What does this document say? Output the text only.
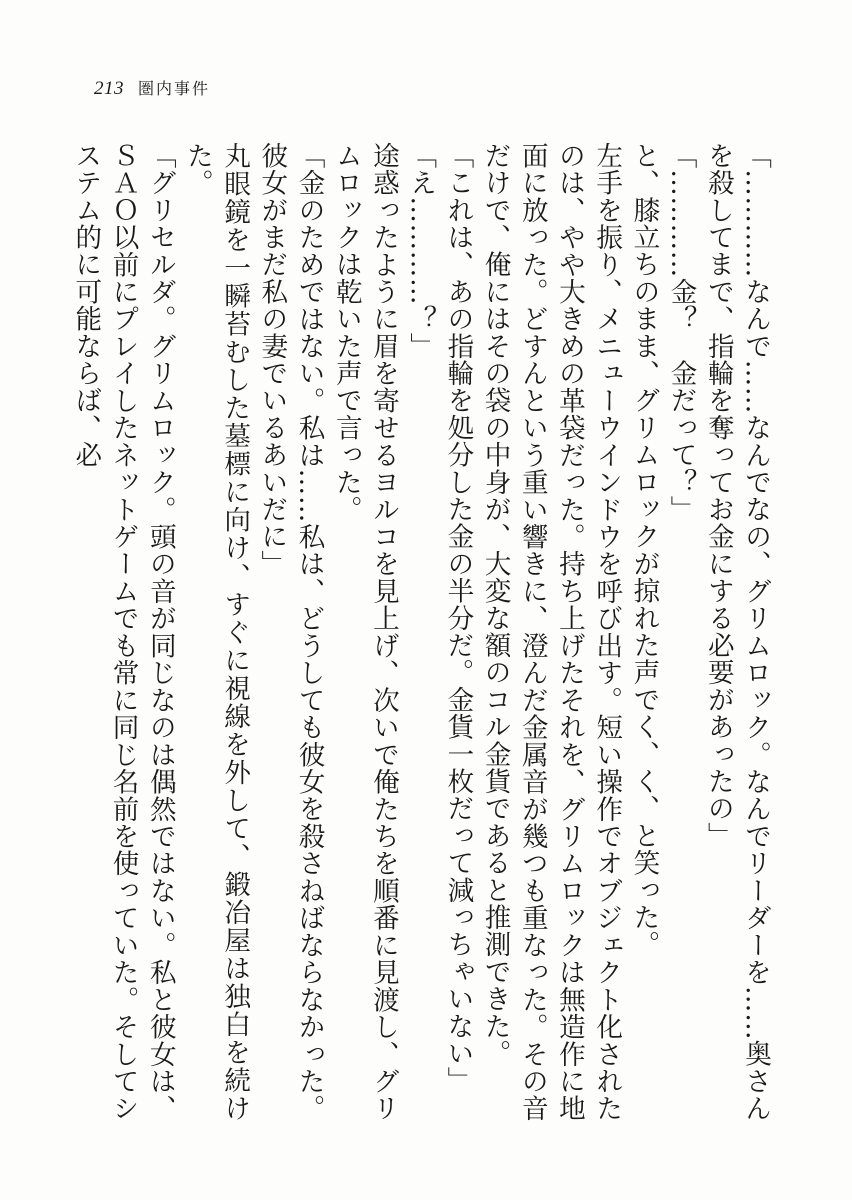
213 圏内事件

「…………なんで……なんでなの、グリムロック。なんでリーダーを……奥さんを殺してまで、指輪を奪ってお金にする必要があったの」

「…………金？　金だって？」

と、膝立ちのまま、グリムロックが掠れた声でく、く、と笑った。

左手を振り、メニューウインドウを呼び出す。短い操作でオブジェクト化されたのは、やや大きめの革袋だった。持ち上げたそれを、グリムロックは無造作に地面に放った。どすんという重い響きに、澄んだ金属音が幾つも重なった。その音だけで、俺にはその袋の中身が、大変な額のコル金貨であると推測できた。

「これは、あの指輪を処分した金の半分だ。金貨一枚だって減っちゃいない」

「え…………？」

途惑ったように眉を寄せるヨルコを見上げ、次いで俺たちを順番に見渡し、グリムロックは乾いた声で言った。

「金のためではない。私は……私は、どうしても彼女を殺さねばならなかった。彼女がまだ私の妻でいるあいだに」

丸眼鏡を一瞬苔むした墓標に向け、すぐに視線を外して、鍛冶屋は独白を続けた。

「グリセルダ。グリムロック。頭の音が同じなのは偶然ではない。私と彼女は、ＳＡＯ以前にプレイしたネットゲームでも常に同じ名前を使っていた。そしてシステム的に可能ならば、必
